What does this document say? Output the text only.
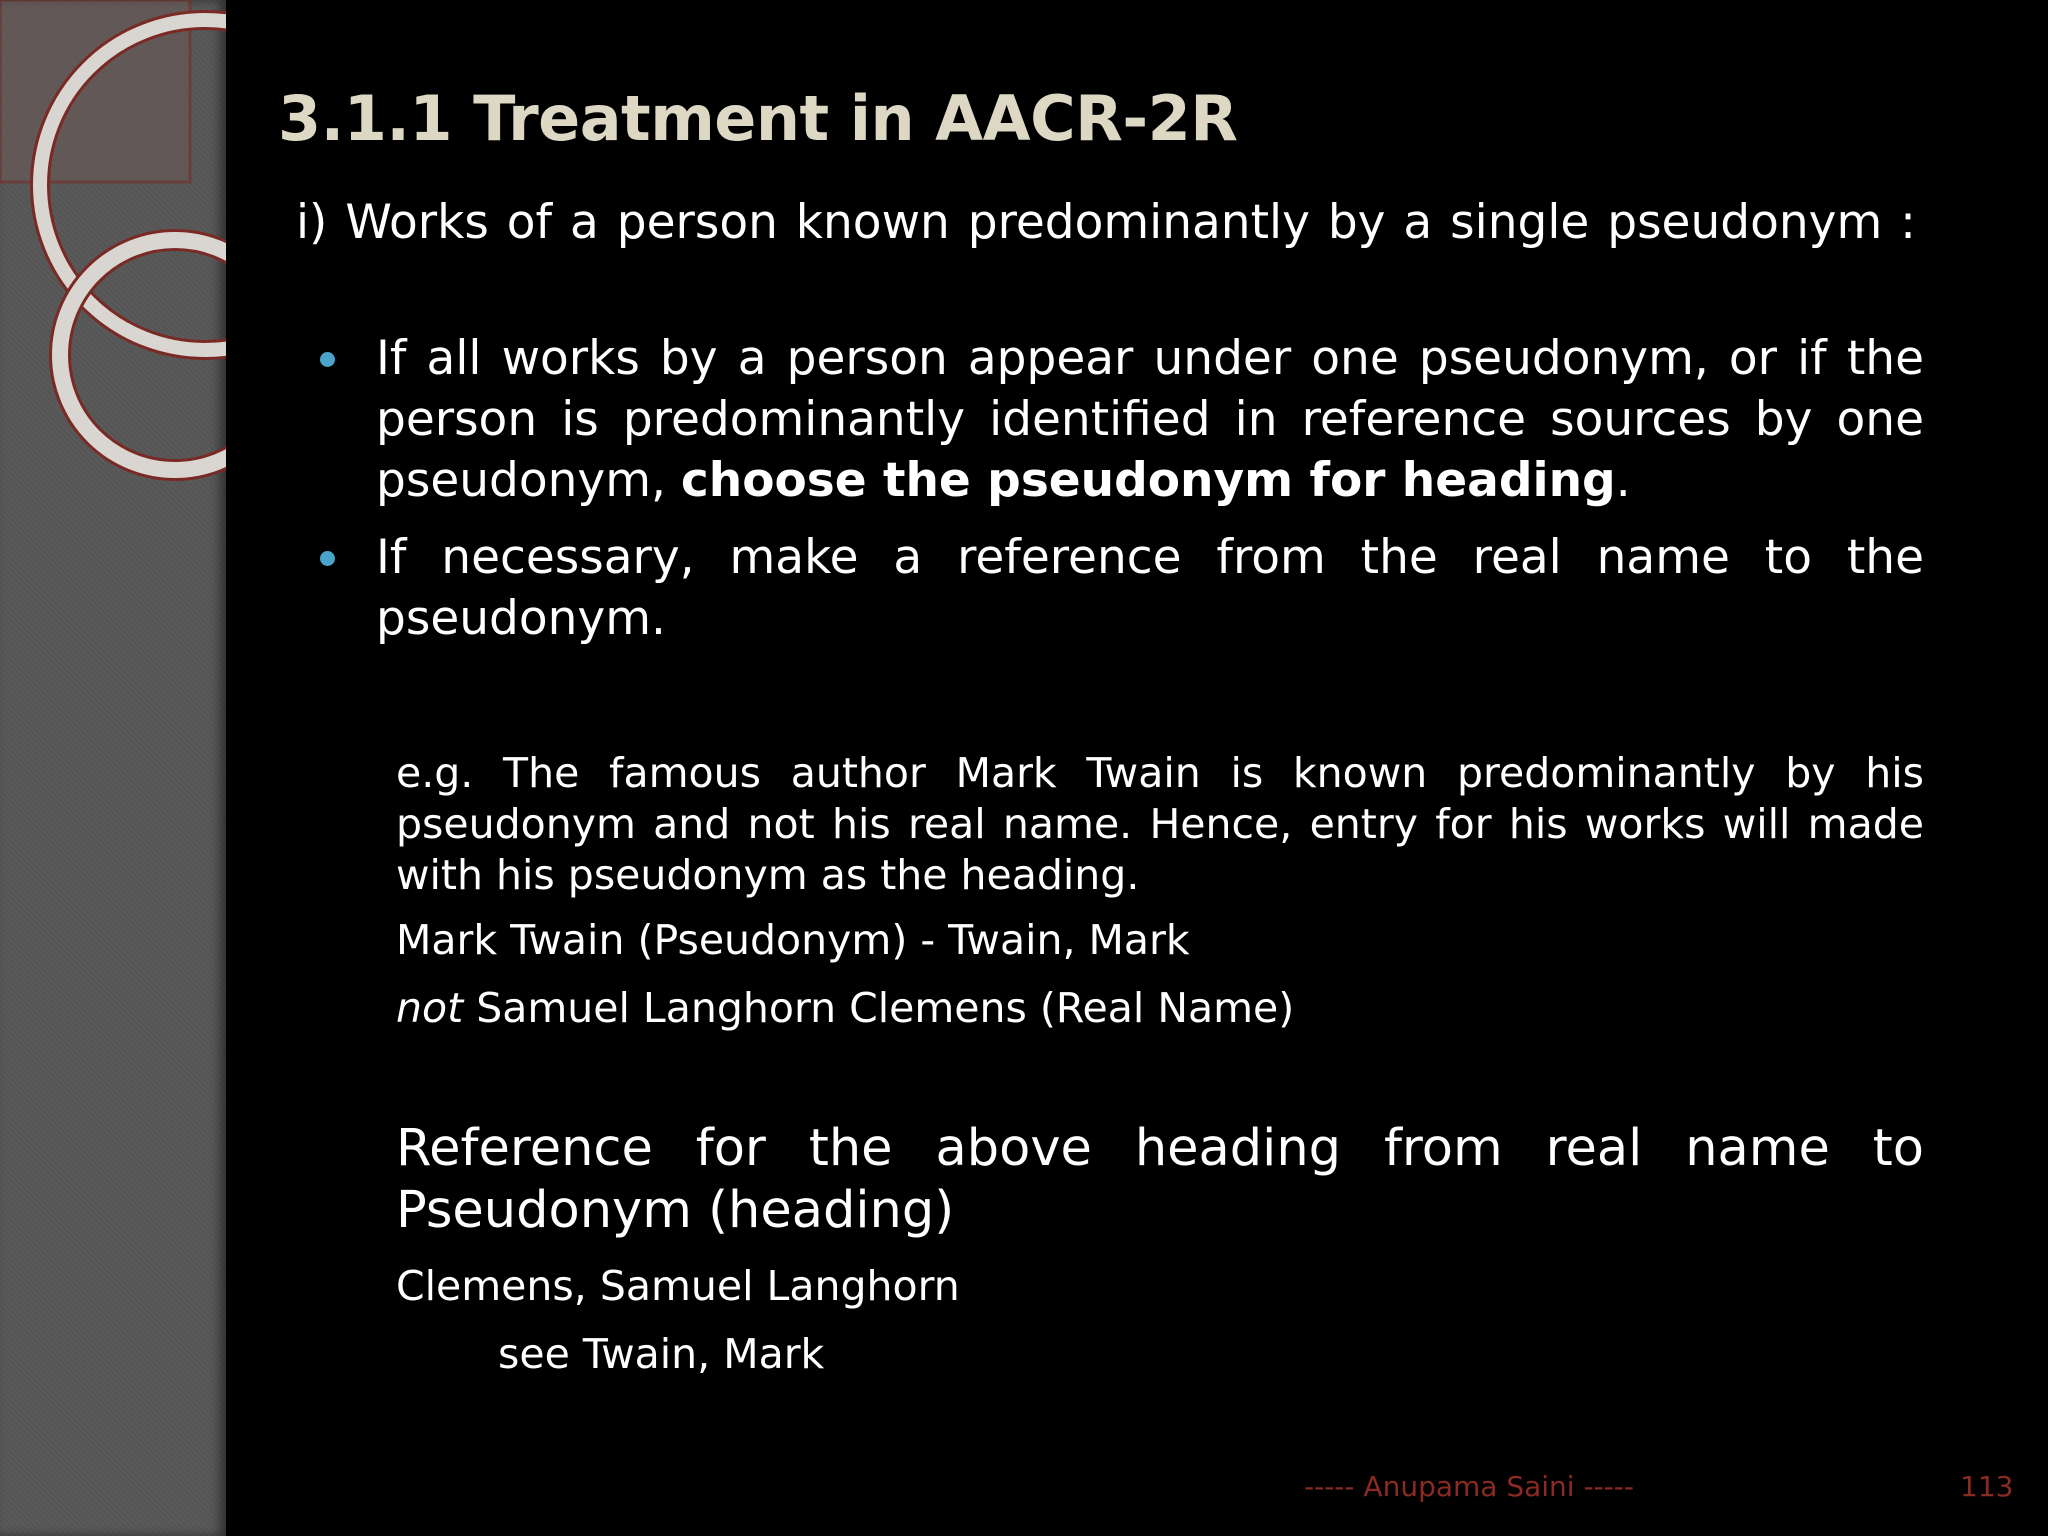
3.1.1 Treatment in AACR-2R
i) Works of a person known predominantly by a single pseudonym :
If all works by a person appear under one pseudonym, or if the person is predominantly identified in reference sources by one pseudonym, choose the pseudonym for heading.
If necessary, make a reference from the real name to the pseudonym.
e.g. The famous author Mark Twain is known predominantly by his pseudonym and not his real name. Hence, entry for his works will made with his pseudonym as the heading.
Mark Twain (Pseudonym) - Twain, Mark
not Samuel Langhorn Clemens (Real Name)
Reference for the above heading from real name to Pseudonym (heading)
Clemens, Samuel Langhorn
see Twain, Mark
----- Anupama Saini -----	113
